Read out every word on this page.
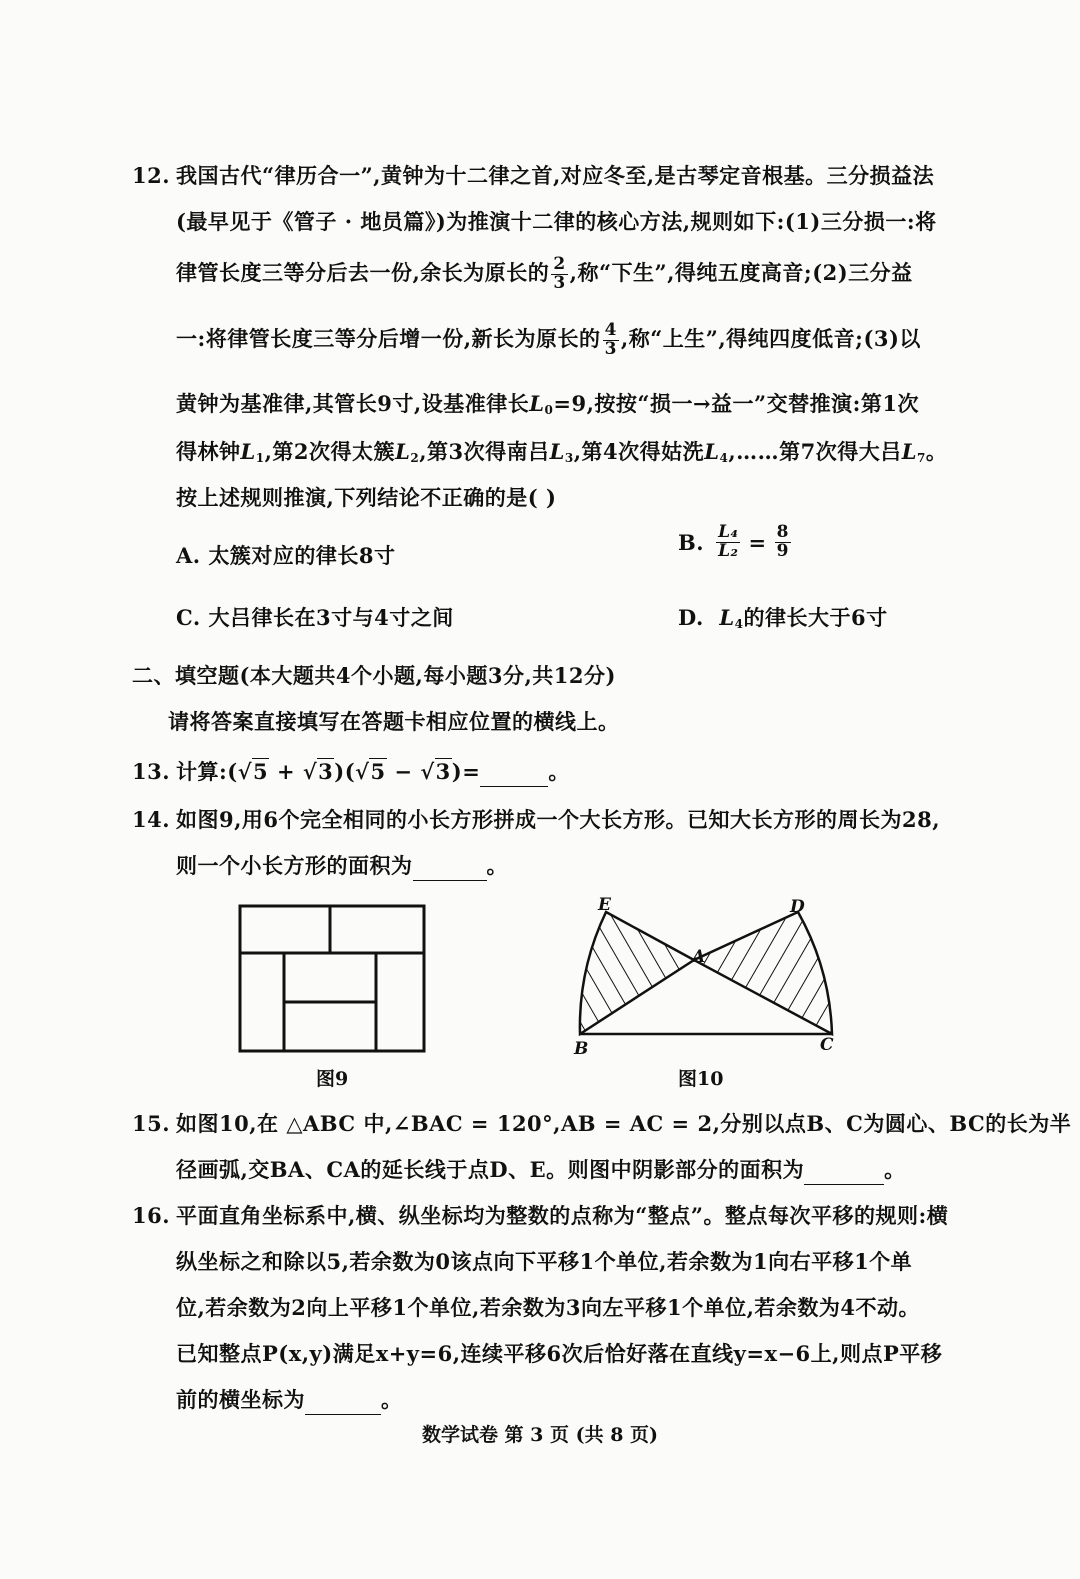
12. 我国古代“律历合一”,黄钟为十二律之首,对应冬至,是古琴定音根基。三分损益法
(最早见于《管子 · 地员篇》)为推演十二律的核心方法,规则如下:(1)三分损一:将
律管长度三等分后去一份,余长为原长的 $\frac{2}{3}$ ,称“下生”,得纯五度高音;(2)三分益
一:将律管长度三等分后增一份,新长为原长的 $\frac{4}{3}$ ,称“上生”,得纯四度低音;(3)以
黄钟为基准律,其管长9寸,设基准律长$L_0=9$,按按“损一→益一”交替推演:第1次
得林钟$L_1$,第2次得太簇$L_2$,第3次得南吕$L_3$,第4次得姑洗$L_4,\dots\dots$第7次得大吕$L_7$。
按上述规则推演,下列结论不正确的是( )
A. 太簇对应的律长8寸
B. $\frac{\text{L₄}}{\text{L₂}} = \frac{8}{9}$
C. 大吕律长在3寸与4寸之间	D. $L_4$的律长大于6寸
二、填空题(本大题共4个小题,每小题3分,共12分)
请将答案直接填写在答题卡相应位置的横线上。
13. 计算:(√5 + √3)(√5 − √3)=	。
14. 如图9,用6个完全相同的小长方形拼成一个大长方形。已知大长方形的周长为28,
则一个小长方形的面积为	。
图9
E	D
A
B	C
图10
15. 如图10,在 △ABC 中,∠BAC = 120°,AB = AC = 2,分别以点B、C为圆心、BC的长为半
径画弧,交BA、CA的延长线于点D、E。则图中阴影部分的面积为	。
16. 平面直角坐标系中,横、纵坐标均为整数的点称为“整点”。整点每次平移的规则:横
纵坐标之和除以5,若余数为0该点向下平移1个单位,若余数为1向右平移1个单
位,若余数为2向上平移1个单位,若余数为3向左平移1个单位,若余数为4不动。
已知整点P(x,y)满足x+y=6,连续平移6次后恰好落在直线y=x−6上,则点P平移
前的横坐标为	。
数学试卷 第 3 页 (共 8 页)
